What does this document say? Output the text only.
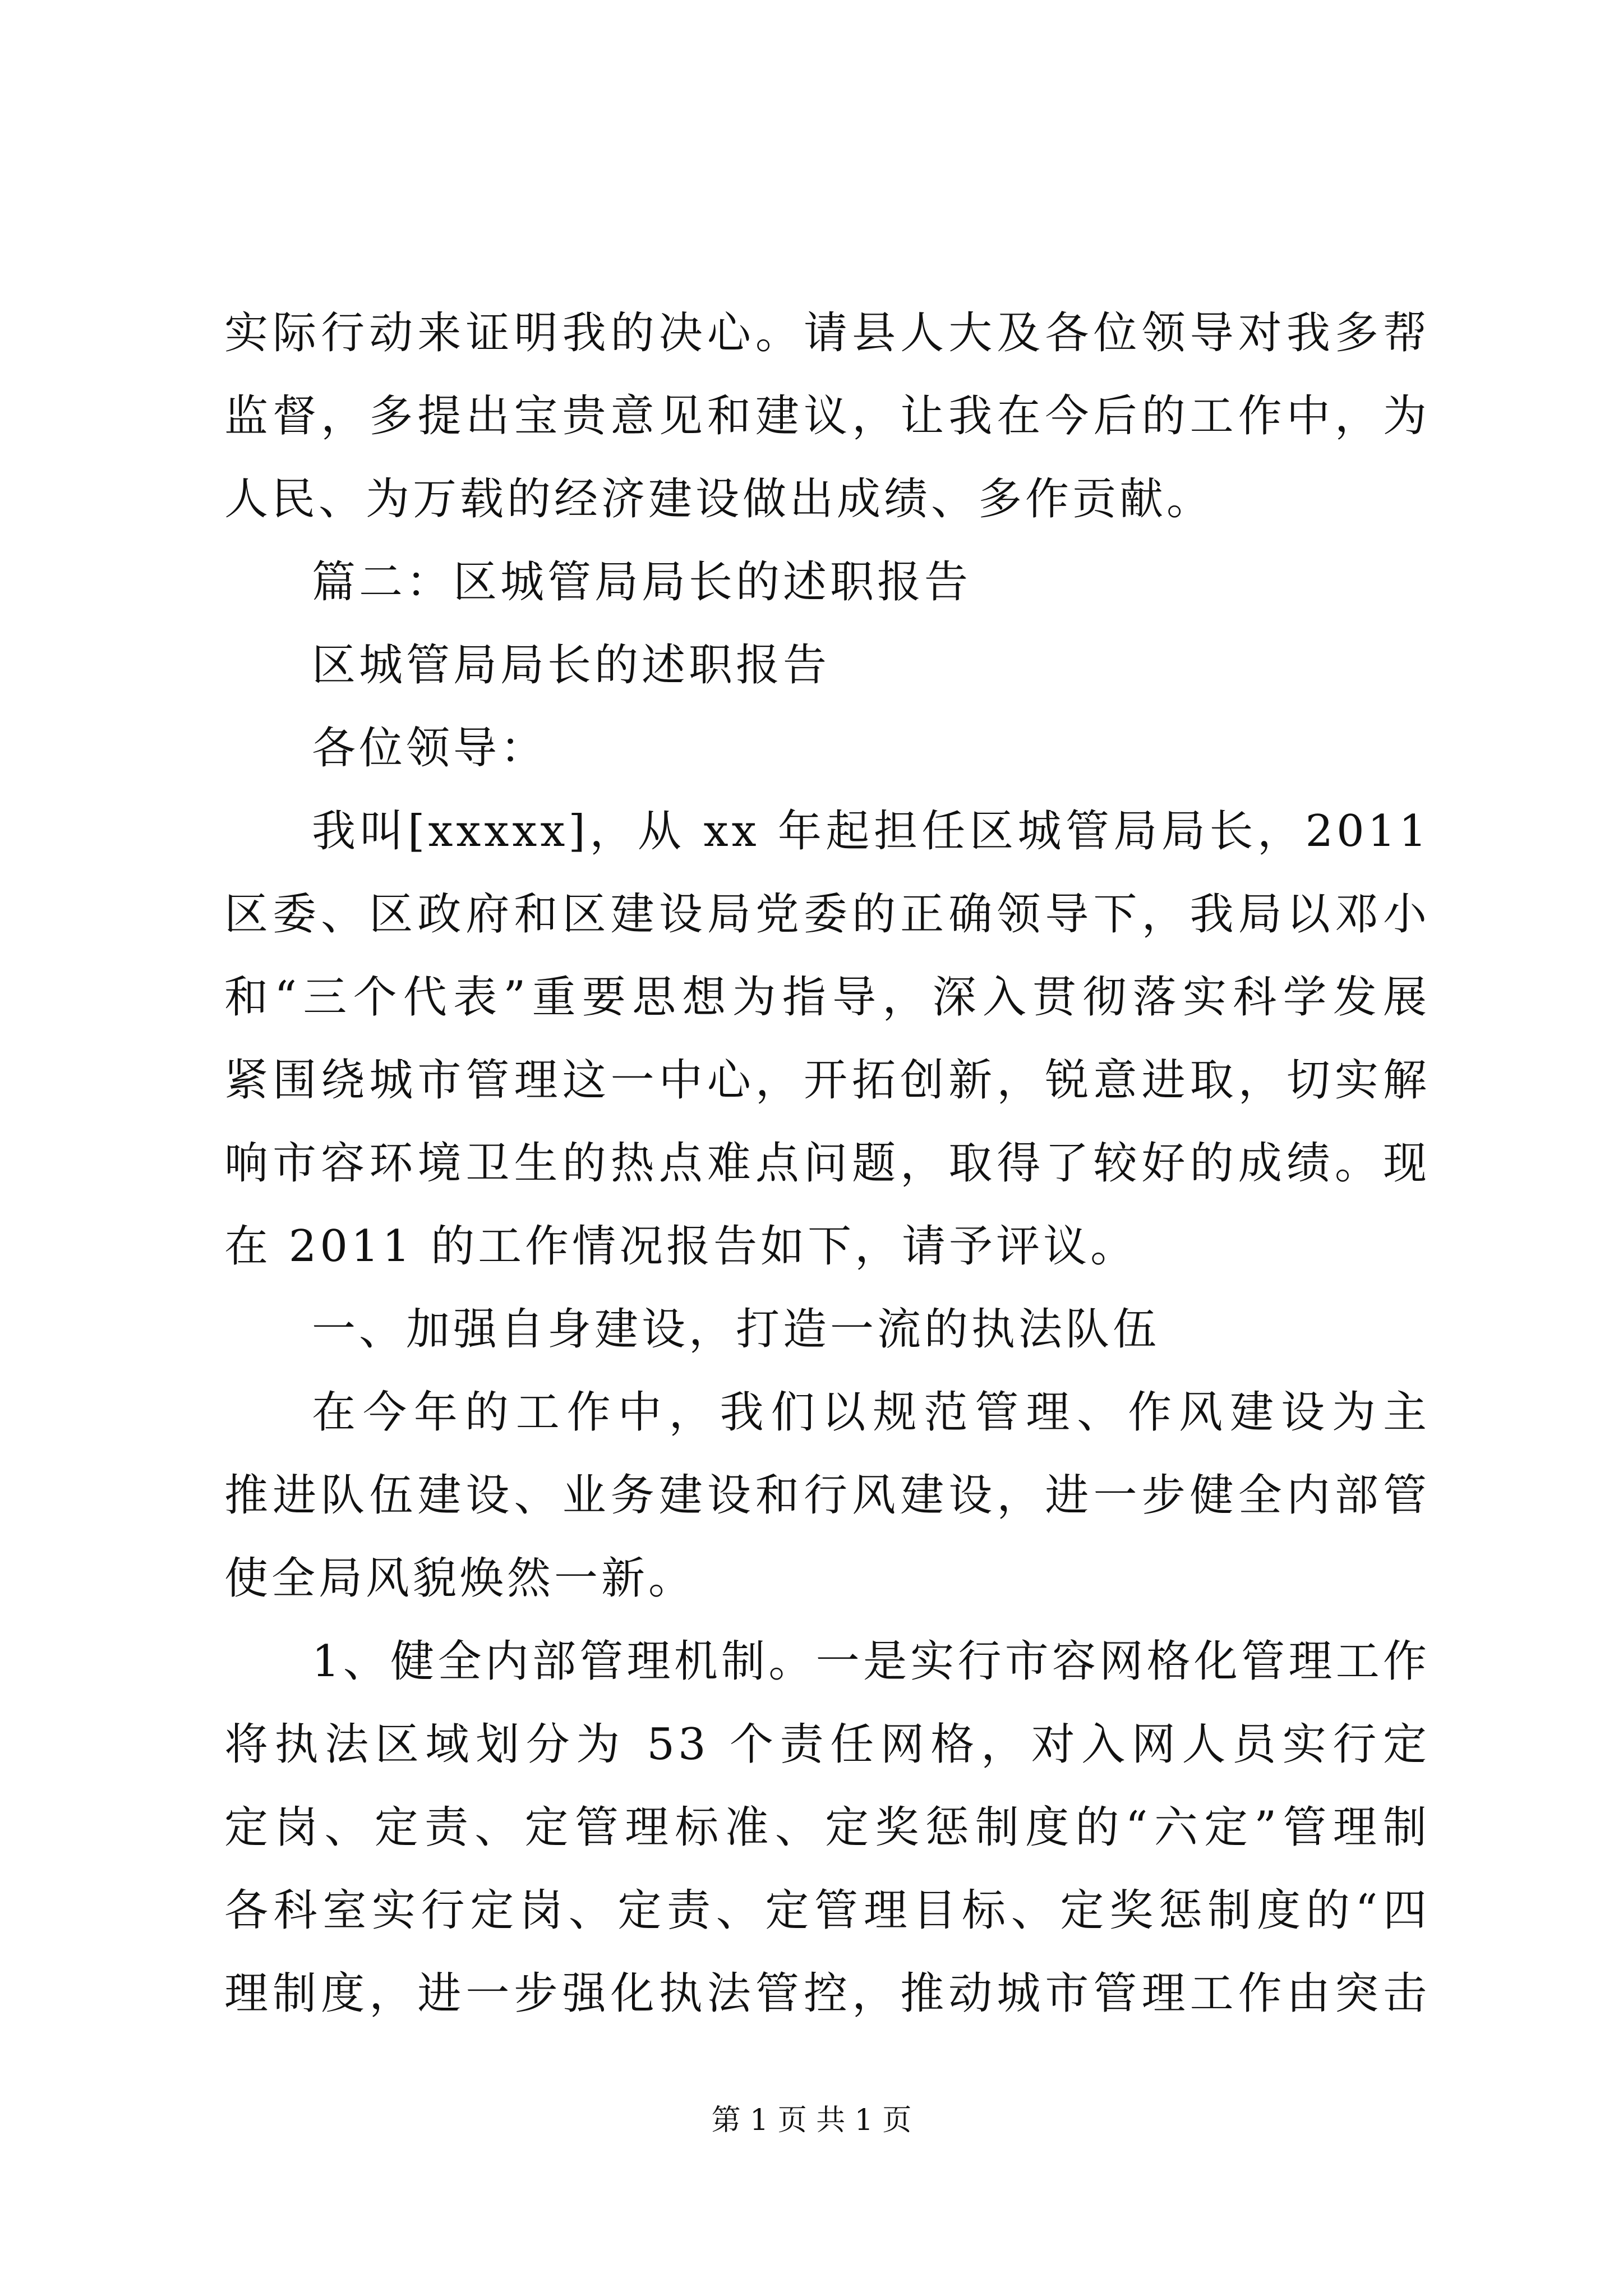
实际行动来证明我的决心。请县人大及各位领导对我多帮
监督，多提出宝贵意见和建议，让我在今后的工作中，为
人民、为万载的经济建设做出成绩、多作贡献。
篇二：区城管局局长的述职报告
区城管局局长的述职报告
各位领导：
我叫[xxxxx]，从 xx 年起担任区城管局局长，2011
区委、区政府和区建设局党委的正确领导下，我局以邓小
和“三个代表”重要思想为指导，深入贯彻落实科学发展
紧围绕城市管理这一中心，开拓创新，锐意进取，切实解
响市容环境卫生的热点难点问题，取得了较好的成绩。现
在 2011 的工作情况报告如下，请予评议。
一、加强自身建设，打造一流的执法队伍
在今年的工作中，我们以规范管理、作风建设为主
推进队伍建设、业务建设和行风建设，进一步健全内部管
使全局风貌焕然一新。
1、健全内部管理机制。一是实行市容网格化管理工作
将执法区域划分为 53 个责任网格，对入网人员实行定
定岗、定责、定管理标准、定奖惩制度的“六定”管理制
各科室实行定岗、定责、定管理目标、定奖惩制度的“四
理制度，进一步强化执法管控，推动城市管理工作由突击
第 1 页 共 1 页
